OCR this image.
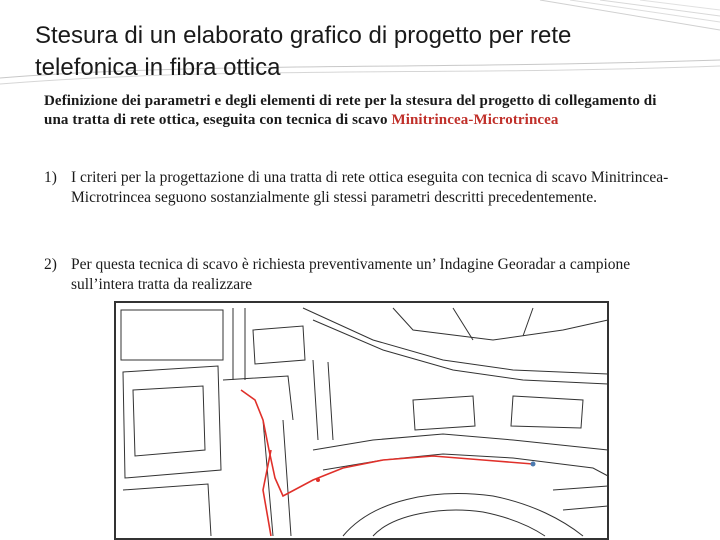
Stesura di un elaborato grafico di progetto per rete telefonica in fibra ottica
Definizione dei parametri e degli elementi di rete per la stesura del progetto di collegamento di una tratta di rete ottica, eseguita con tecnica di scavo Minitrincea-Microtrincea
1) I criteri per la progettazione di una tratta di rete ottica eseguita con tecnica di scavo Minitrincea-Microtrincea seguono sostanzialmente gli stessi parametri descritti precedentemente.
2) Per questa tecnica di scavo è richiesta preventivamente un’ Indagine Georadar a campione sull’intera tratta da realizzare
